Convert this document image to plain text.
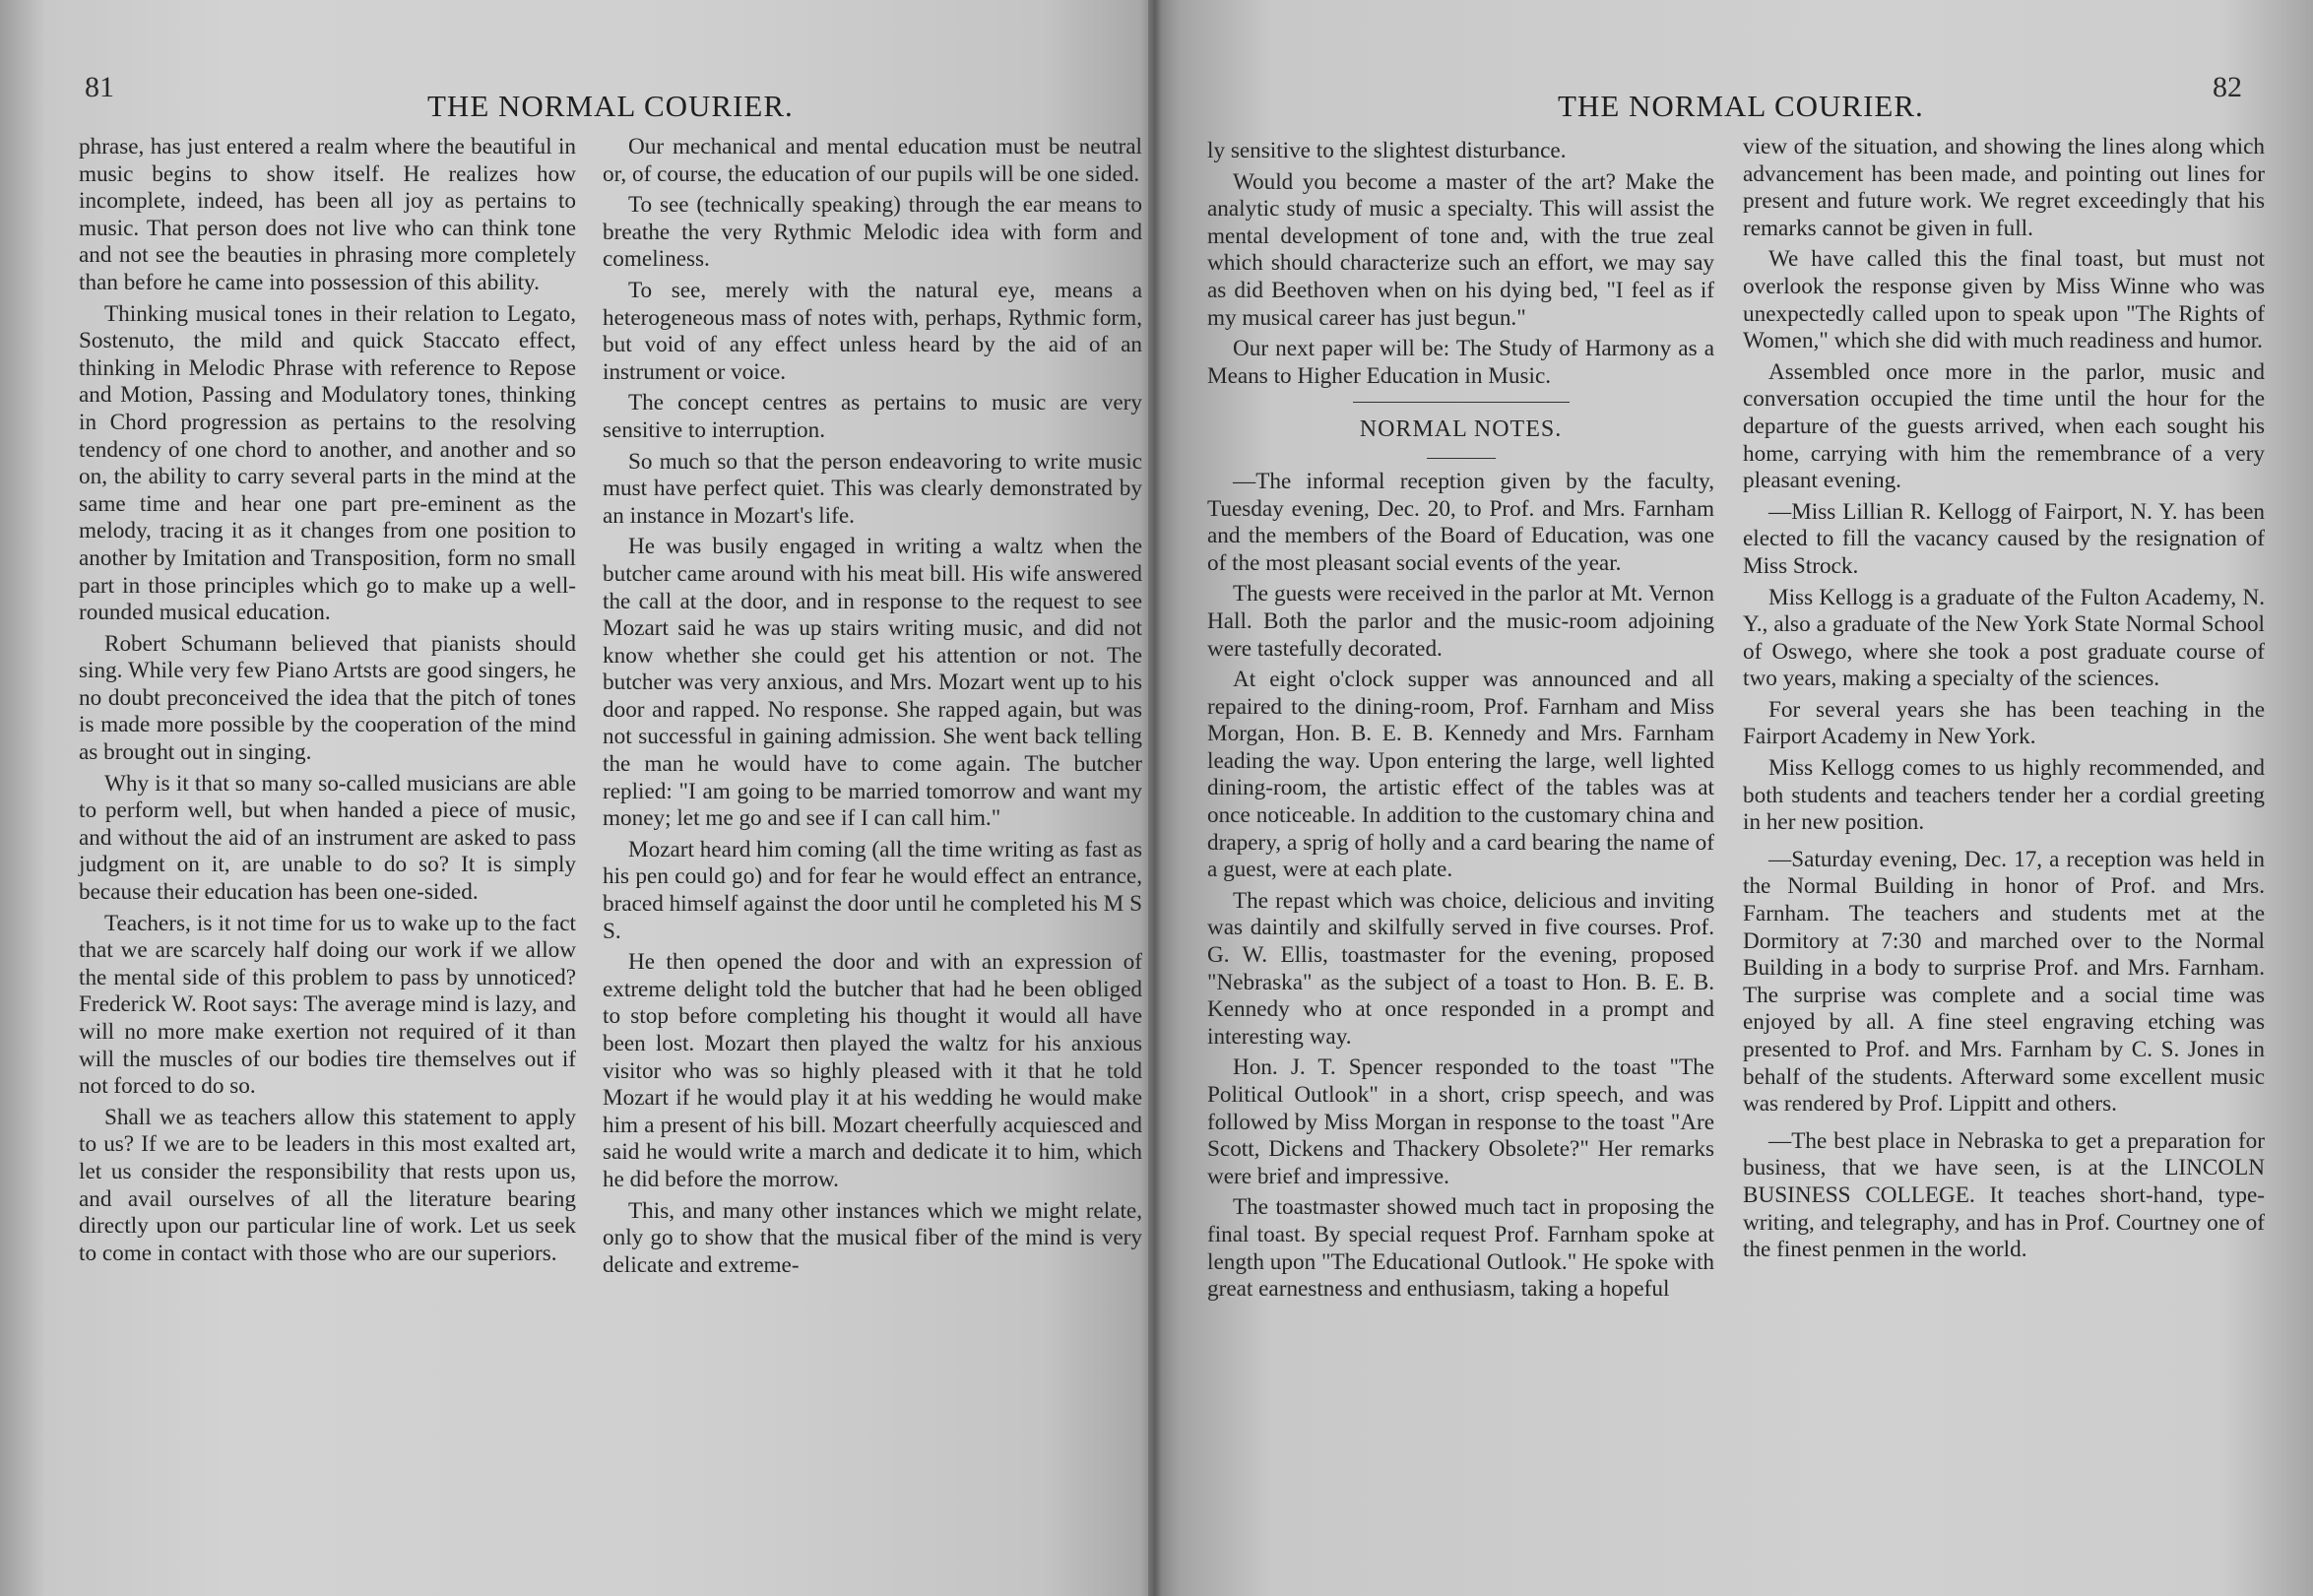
81
THE NORMAL COURIER.

phrase, has just entered a realm where the beautiful in music begins to show itself. He realizes how incomplete, indeed, has been all joy as pertains to music. That person does not live who can think tone and not see the beauties in phrasing more completely than before he came into possession of this ability.

Thinking musical tones in their relation to Legato, Sostenuto, the mild and quick Staccato effect, thinking in Melodic Phrase with reference to Repose and Motion, Passing and Modulatory tones, thinking in Chord progression as pertains to the resolving tendency of one chord to another, and another and so on, the ability to carry several parts in the mind at the same time and hear one part pre-eminent as the melody, tracing it as it changes from one position to another by Imitation and Transposition, form no small part in those principles which go to make up a well-rounded musical education.

Robert Schumann believed that pianists should sing. While very few Piano Artsts are good singers, he no doubt preconceived the idea that the pitch of tones is made more possible by the cooperation of the mind as brought out in singing.

Why is it that so many so-called musicians are able to perform well, but when handed a piece of music, and without the aid of an instrument are asked to pass judgment on it, are unable to do so? It is simply because their education has been one-sided.

Teachers, is it not time for us to wake up to the fact that we are scarcely half doing our work if we allow the mental side of this problem to pass by unnoticed? Frederick W. Root says: The average mind is lazy, and will no more make exertion not required of it than will the muscles of our bodies tire themselves out if not forced to do so.

Shall we as teachers allow this statement to apply to us? If we are to be leaders in this most exalted art, let us consider the responsibility that rests upon us, and avail ourselves of all the literature bearing directly upon our particular line of work. Let us seek to come in contact with those who are our superiors.

Our mechanical and mental education must be neutral or, of course, the education of our pupils will be one sided.

To see (technically speaking) through the ear means to breathe the very Rythmic Melodic idea with form and comeliness.

To see, merely with the natural eye, means a heterogeneous mass of notes with, perhaps, Rythmic form, but void of any effect unless heard by the aid of an instrument or voice.

The concept centres as pertains to music are very sensitive to interruption.

So much so that the person endeavoring to write music must have perfect quiet. This was clearly demonstrated by an instance in Mozart's life.

He was busily engaged in writing a waltz when the butcher came around with his meat bill. His wife answered the call at the door, and in response to the request to see Mozart said he was up stairs writing music, and did not know whether she could get his attention or not. The butcher was very anxious, and Mrs. Mozart went up to his door and rapped. No response. She rapped again, but was not successful in gaining admission. She went back telling the man he would have to come again. The butcher replied: "I am going to be married tomorrow and want my money; let me go and see if I can call him."

Mozart heard him coming (all the time writing as fast as his pen could go) and for fear he would effect an entrance, braced himself against the door until he completed his M S S.

He then opened the door and with an expression of extreme delight told the butcher that had he been obliged to stop before completing his thought it would all have been lost. Mozart then played the waltz for his anxious visitor who was so highly pleased with it that he told Mozart if he would play it at his wedding he would make him a present of his bill. Mozart cheerfully acquiesced and said he would write a march and dedicate it to him, which he did before the morrow.

This, and many other instances which we might relate, only go to show that the musical fiber of the mind is very delicate and extreme-

THE NORMAL COURIER.
82

ly sensitive to the slightest disturbance.

Would you become a master of the art? Make the analytic study of music a specialty. This will assist the mental development of tone and, with the true zeal which should characterize such an effort, we may say as did Beethoven when on his dying bed, "I feel as if my musical career has just begun."

Our next paper will be: The Study of Harmony as a Means to Higher Education in Music.

NORMAL NOTES.

—The informal reception given by the faculty, Tuesday evening, Dec. 20, to Prof. and Mrs. Farnham and the members of the Board of Education, was one of the most pleasant social events of the year.

The guests were received in the parlor at Mt. Vernon Hall. Both the parlor and the music-room adjoining were tastefully decorated.

At eight o'clock supper was announced and all repaired to the dining-room, Prof. Farnham and Miss Morgan, Hon. B. E. B. Kennedy and Mrs. Farnham leading the way. Upon entering the large, well lighted dining-room, the artistic effect of the tables was at once noticeable. In addition to the customary china and drapery, a sprig of holly and a card bearing the name of a guest, were at each plate.

The repast which was choice, delicious and inviting was daintily and skilfully served in five courses. Prof. G. W. Ellis, toastmaster for the evening, proposed "Nebraska" as the subject of a toast to Hon. B. E. B. Kennedy who at once responded in a prompt and interesting way.

Hon. J. T. Spencer responded to the toast "The Political Outlook" in a short, crisp speech, and was followed by Miss Morgan in response to the toast "Are Scott, Dickens and Thackery Obsolete?" Her remarks were brief and impressive.

The toastmaster showed much tact in proposing the final toast. By special request Prof. Farnham spoke at length upon "The Educational Outlook." He spoke with great earnestness and enthusiasm, taking a hopeful

view of the situation, and showing the lines along which advancement has been made, and pointing out lines for present and future work. We regret exceedingly that his remarks cannot be given in full.

We have called this the final toast, but must not overlook the response given by Miss Winne who was unexpectedly called upon to speak upon "The Rights of Women," which she did with much readiness and humor.

Assembled once more in the parlor, music and conversation occupied the time until the hour for the departure of the guests arrived, when each sought his home, carrying with him the remembrance of a very pleasant evening.

—Miss Lillian R. Kellogg of Fairport, N. Y. has been elected to fill the vacancy caused by the resignation of Miss Strock.

Miss Kellogg is a graduate of the Fulton Academy, N. Y., also a graduate of the New York State Normal School of Oswego, where she took a post graduate course of two years, making a specialty of the sciences.

For several years she has been teaching in the Fairport Academy in New York.

Miss Kellogg comes to us highly recommended, and both students and teachers tender her a cordial greeting in her new position.

—Saturday evening, Dec. 17, a reception was held in the Normal Building in honor of Prof. and Mrs. Farnham. The teachers and students met at the Dormitory at 7:30 and marched over to the Normal Building in a body to surprise Prof. and Mrs. Farnham. The surprise was complete and a social time was enjoyed by all. A fine steel engraving etching was presented to Prof. and Mrs. Farnham by C. S. Jones in behalf of the students. Afterward some excellent music was rendered by Prof. Lippitt and others.

—The best place in Nebraska to get a preparation for business, that we have seen, is at the LINCOLN BUSINESS COLLEGE. It teaches short-hand, type-writing, and telegraphy, and has in Prof. Courtney one of the finest penmen in the world.
